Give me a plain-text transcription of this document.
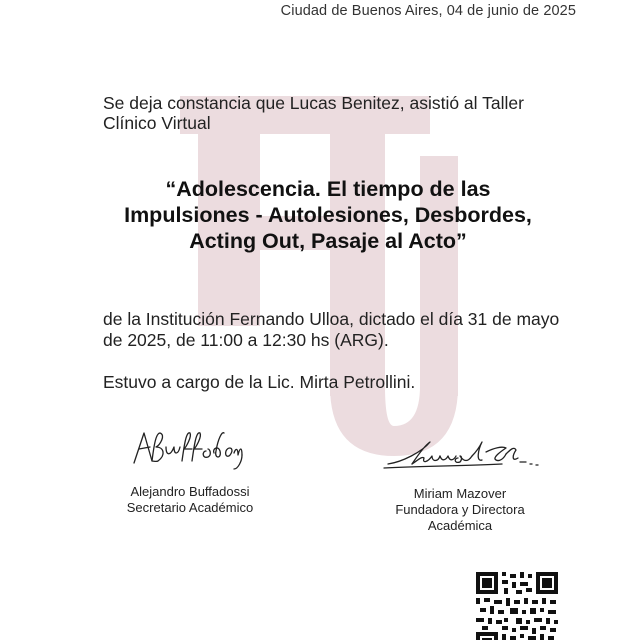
Ciudad de Buenos Aires, 04 de junio de 2025
Se deja constancia que Lucas Benitez, asistió al Taller Clínico Virtual
“Adolescencia. El tiempo de las Impulsiones - Autolesiones, Desbordes, Acting Out, Pasaje al Acto”
de la Institución Fernando Ulloa, dictado el día 31 de mayo de 2025, de 11:00 a 12:30 hs (ARG).
Estuvo a cargo de la Lic. Mirta Petrollini.
Alejandro Buffadossi
Secretario Académico
Miriam Mazover
Fundadora y Directora Académica
